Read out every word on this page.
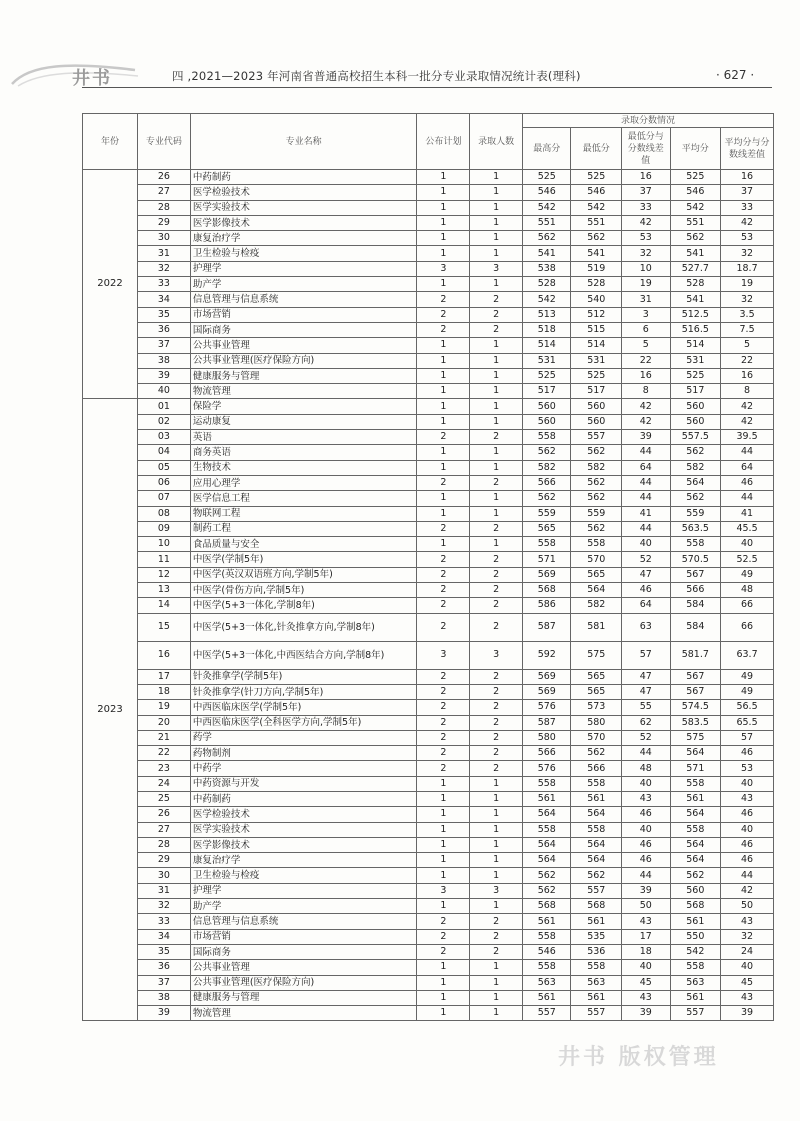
井书	四 ,2021—2023 年河南省普通高校招生本科一批分专业录取情况统计表(理科)	· 627 ·
年份	专业代码	专业名称	公布计划	录取人数	录取分数情况				
					最高分	最低分	最低分与分数线差值	平均分	平均分与分数线差值
2022	26	中药制药	1	1	525	525	16	525	16
	27	医学检验技术	1	1	546	546	37	546	37
	28	医学实验技术	1	1	542	542	33	542	33
	29	医学影像技术	1	1	551	551	42	551	42
	30	康复治疗学	1	1	562	562	53	562	53
	31	卫生检验与检疫	1	1	541	541	32	541	32
	32	护理学	3	3	538	519	10	527.7	18.7
	33	助产学	1	1	528	528	19	528	19
	34	信息管理与信息系统	2	2	542	540	31	541	32
	35	市场营销	2	2	513	512	3	512.5	3.5
	36	国际商务	2	2	518	515	6	516.5	7.5
	37	公共事业管理	1	1	514	514	5	514	5
	38	公共事业管理(医疗保险方向)	1	1	531	531	22	531	22
	39	健康服务与管理	1	1	525	525	16	525	16
	40	物流管理	1	1	517	517	8	517	8
2023	01	保险学	1	1	560	560	42	560	42
	02	运动康复	1	1	560	560	42	560	42
	03	英语	2	2	558	557	39	557.5	39.5
	04	商务英语	1	1	562	562	44	562	44
	05	生物技术	1	1	582	582	64	582	64
	06	应用心理学	2	2	566	562	44	564	46
	07	医学信息工程	1	1	562	562	44	562	44
	08	物联网工程	1	1	559	559	41	559	41
	09	制药工程	2	2	565	562	44	563.5	45.5
	10	食品质量与安全	1	1	558	558	40	558	40
	11	中医学(学制5年)	2	2	571	570	52	570.5	52.5
	12	中医学(英汉双语班方向,学制5年)	2	2	569	565	47	567	49
	13	中医学(骨伤方向,学制5年)	2	2	568	564	46	566	48
	14	中医学(5+3一体化,学制8年)	2	2	586	582	64	584	66
	15	中医学(5+3一体化,针灸推拿方向,学制8年)	2	2	587	581	63	584	66
	16	中医学(5+3一体化,中西医结合方向,学制8年)	3	3	592	575	57	581.7	63.7
	17	针灸推拿学(学制5年)	2	2	569	565	47	567	49
	18	针灸推拿学(针刀方向,学制5年)	2	2	569	565	47	567	49
	19	中西医临床医学(学制5年)	2	2	576	573	55	574.5	56.5
	20	中西医临床医学(全科医学方向,学制5年)	2	2	587	580	62	583.5	65.5
	21	药学	2	2	580	570	52	575	57
	22	药物制剂	2	2	566	562	44	564	46
	23	中药学	2	2	576	566	48	571	53
	24	中药资源与开发	1	1	558	558	40	558	40
	25	中药制药	1	1	561	561	43	561	43
	26	医学检验技术	1	1	564	564	46	564	46
	27	医学实验技术	1	1	558	558	40	558	40
	28	医学影像技术	1	1	564	564	46	564	46
	29	康复治疗学	1	1	564	564	46	564	46
	30	卫生检验与检疫	1	1	562	562	44	562	44
	31	护理学	3	3	562	557	39	560	42
	32	助产学	1	1	568	568	50	568	50
	33	信息管理与信息系统	2	2	561	561	43	561	43
	34	市场营销	2	2	558	535	17	550	32
	35	国际商务	2	2	546	536	18	542	24
	36	公共事业管理	1	1	558	558	40	558	40
	37	公共事业管理(医疗保险方向)	1	1	563	563	45	563	45
	38	健康服务与管理	1	1	561	561	43	561	43
	39	物流管理	1	1	557	557	39	557	39
井书 版权管理
